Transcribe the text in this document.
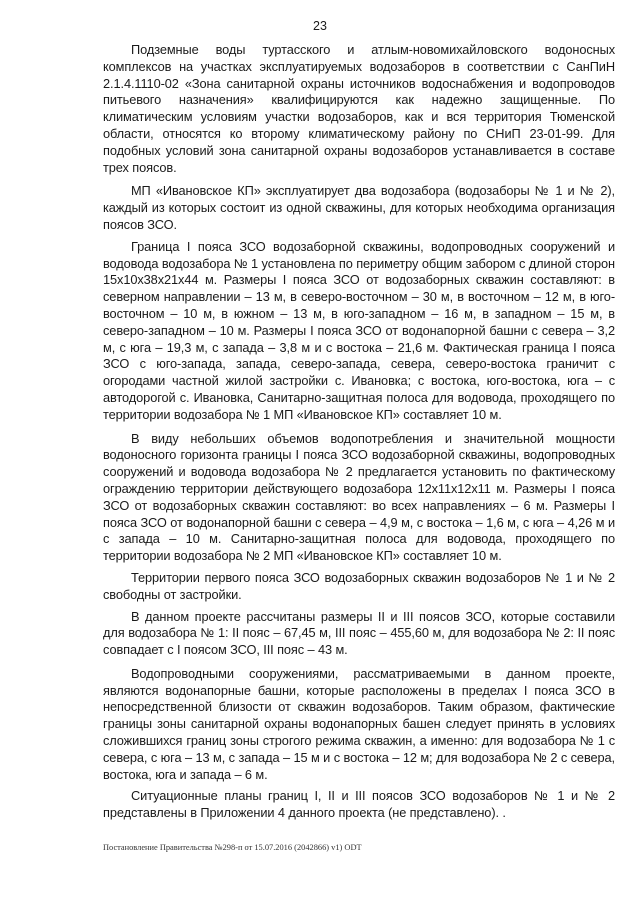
23

Подземные воды туртасского и атлым-новомихайловского водоносных комплексов на участках эксплуатируемых водозаборов в соответствии с СанПиН 2.1.4.1110-02 «Зона санитарной охраны источников водоснабжения и водопроводов питьевого назначения» квалифицируются как надежно защищенные. По климатическим условиям участки водозаборов, как и вся территория Тюменской области, относятся ко второму климатическому району по СНиП 23-01-99. Для подобных условий зона санитарной охраны водозаборов устанавливается в составе трех поясов.

МП «Ивановское КП» эксплуатирует два водозабора (водозаборы № 1 и № 2), каждый из которых состоит из одной скважины, для которых необходима организация поясов ЗСО.

Граница I пояса ЗСО водозаборной скважины, водопроводных сооружений и водовода водозабора № 1 установлена по периметру общим забором с длиной сторон 15х10х38х21х44 м. Размеры I пояса ЗСО от водозаборных скважин составляют: в северном направлении – 13 м, в северо-восточном – 30 м, в восточном – 12 м, в юго-восточном – 10 м, в южном – 13 м, в юго-западном – 16 м, в западном – 15 м, в северо-западном – 10 м. Размеры I пояса ЗСО от водонапорной башни с севера – 3,2 м, с юга – 19,3 м, с запада – 3,8 м и с востока – 21,6 м. Фактическая граница I пояса ЗСО с юго-запада, запада, северо-запада, севера, северо-востока граничит с огородами частной жилой застройки с. Ивановка; с востока, юго-востока, юга – с автодорогой с. Ивановка, Санитарно-защитная полоса для водовода, проходящего по территории водозабора № 1 МП «Ивановское КП» составляет 10 м.

В виду небольших объемов водопотребления и значительной мощности водоносного горизонта границы I пояса ЗСО водозаборной скважины, водопроводных сооружений и водовода водозабора № 2 предлагается установить по фактическому ограждению территории действующего водозабора 12х11х12х11 м. Размеры I пояса ЗСО от водозаборных скважин составляют: во всех направлениях – 6 м. Размеры I пояса ЗСО от водонапорной башни с севера – 4,9 м, с востока – 1,6 м, с юга – 4,26 м и с запада – 10 м. Санитарно-защитная полоса для водовода, проходящего по территории водозабора № 2 МП «Ивановское КП» составляет 10 м.

Территории первого пояса ЗСО водозаборных скважин водозаборов № 1 и № 2 свободны от застройки.

В данном проекте рассчитаны размеры II и III поясов ЗСО, которые составили для водозабора № 1: II пояс – 67,45 м, III пояс – 455,60 м, для водозабора № 2: II пояс совпадает с I поясом ЗСО, III пояс – 43 м.

Водопроводными сооружениями, рассматриваемыми в данном проекте, являются водонапорные башни, которые расположены в пределах I пояса ЗСО в непосредственной близости от скважин водозаборов. Таким образом, фактические границы зоны санитарной охраны водонапорных башен следует принять в условиях сложившихся границ зоны строгого режима скважин, а именно: для водозабора № 1 с севера, с юга – 13 м, с запада – 15 м и с востока – 12 м; для водозабора № 2 с севера, востока, юга и запада – 6 м.

Ситуационные планы границ I, II и III поясов ЗСО водозаборов № 1 и № 2 представлены в Приложении 4 данного проекта (не представлено). .

Постановление Правительства №298-п от 15.07.2016 (2042866) v1) ODT
